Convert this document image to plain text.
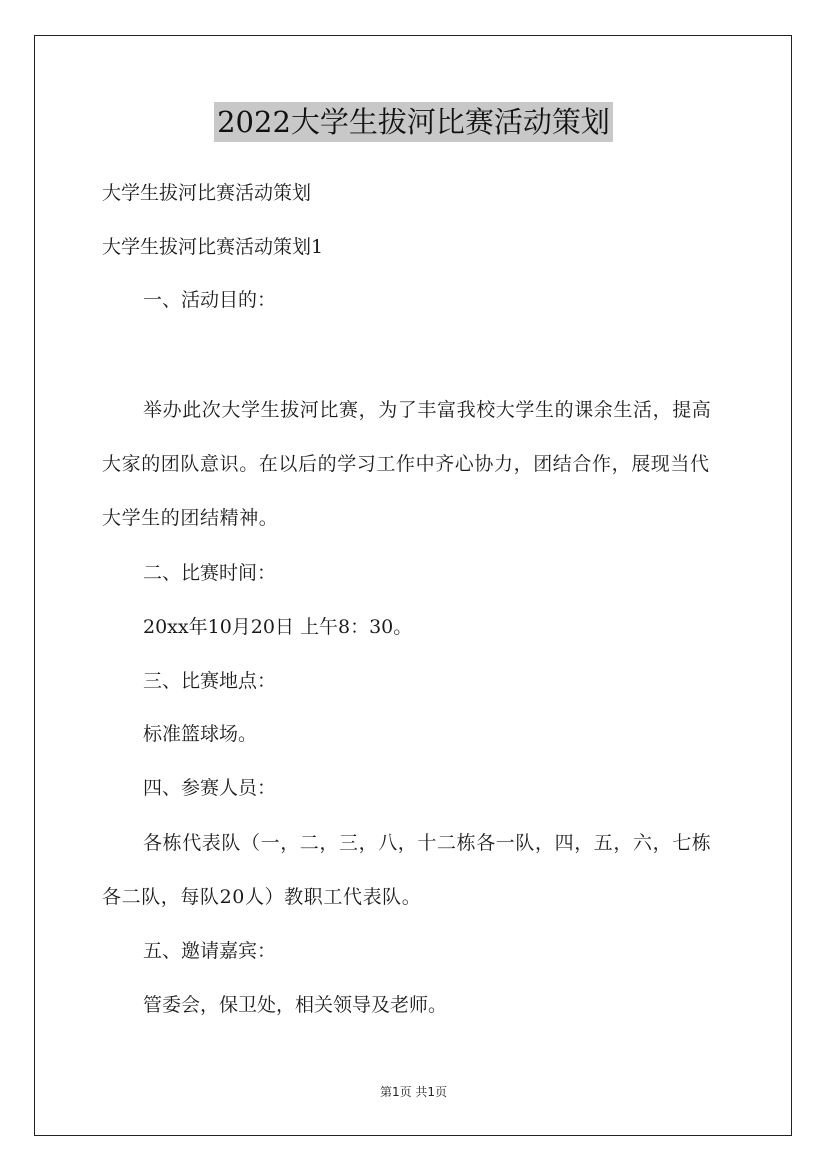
2022大学生拔河比赛活动策划
大学生拔河比赛活动策划
大学生拔河比赛活动策划1
一、活动目的：
举办此次大学生拔河比赛，为了丰富我校大学生的课余生活，提高大家的团队意识。在以后的学习工作中齐心协力，团结合作，展现当代大学生的团结精神。
二、比赛时间：
20xx年10月20日 上午8：30。
三、比赛地点：
标准篮球场。
四、参赛人员：
各栋代表队（一，二，三，八，十二栋各一队，四，五，六，七栋各二队，每队20人）教职工代表队。
五、邀请嘉宾：
管委会，保卫处，相关领导及老师。
第1页 共1页
